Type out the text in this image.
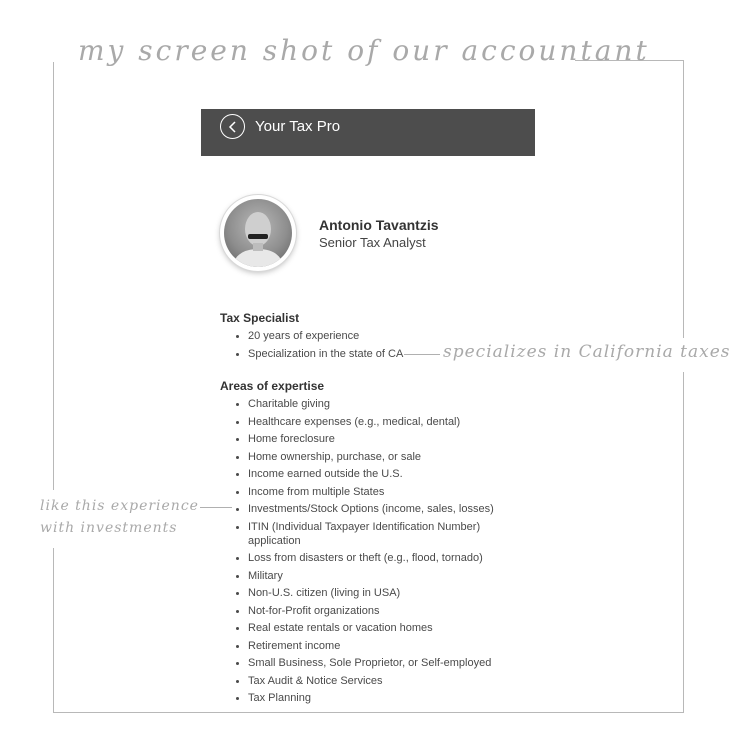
my screen shot of our accountant
Your Tax Pro
Antonio Tavantzis
Senior Tax Analyst
Tax Specialist
• 20 years of experience
• Specialization in the state of CA specializes in California taxes
Areas of expertise
• Charitable giving
• Healthcare expenses (e.g., medical, dental)
• Home foreclosure
• Home ownership, purchase, or sale
• Income earned outside the U.S.
• Income from multiple States
• Investments/Stock Options (income, sales, losses)
• ITIN (Individual Taxpayer Identification Number) application
• Loss from disasters or theft (e.g., flood, tornado)
• Military
• Non-U.S. citizen (living in USA)
• Not-for-Profit organizations
• Real estate rentals or vacation homes
• Retirement income
• Small Business, Sole Proprietor, or Self-employed
• Tax Audit & Notice Services
• Tax Planning
like this experience with investments
